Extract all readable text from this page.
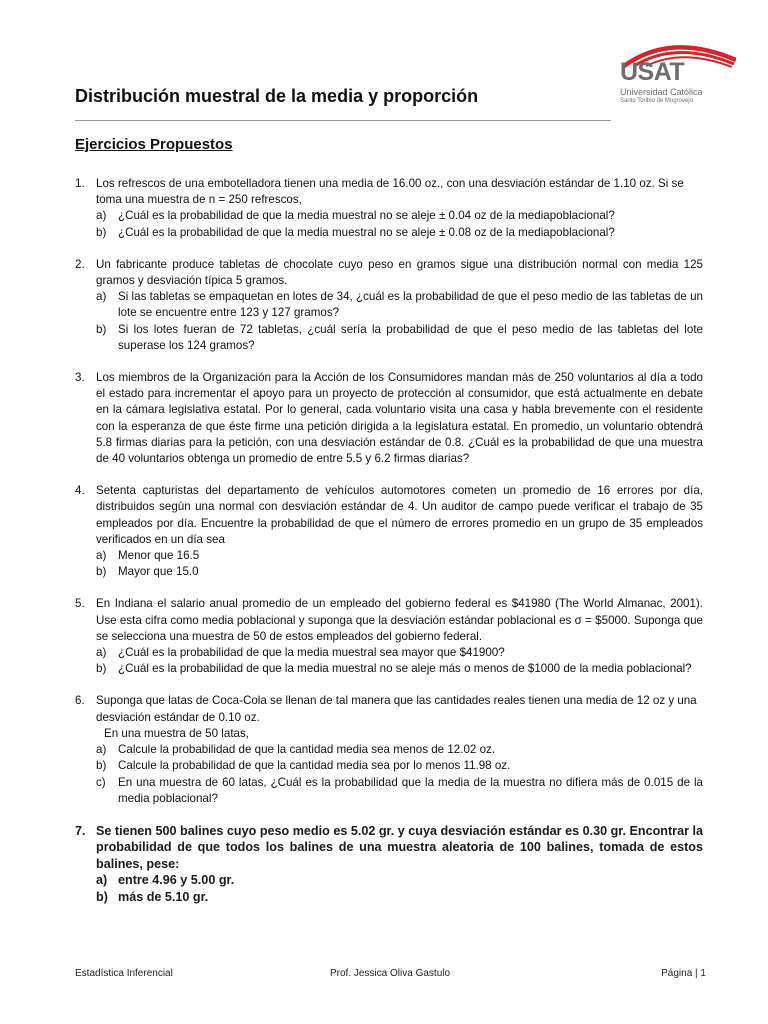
USAT
Universidad Católica
Santo Toribio de Mogrovejo
Distribución muestral de la media y proporción
Ejercicios Propuestos
1. Los refrescos de una embotelladora tienen una media de 16.00 oz., con una desviación estándar de 1.10 oz. Si se toma una muestra de n = 250 refrescos,
a) ¿Cuál es la probabilidad de que la media muestral no se aleje ± 0.04 oz de la mediapoblacional?
b) ¿Cuál es la probabilidad de que la media muestral no se aleje ± 0.08 oz de la mediapoblacional?
2. Un fabricante produce tabletas de chocolate cuyo peso en gramos sigue una distribución normal con media 125 gramos y desviación típica 5 gramos.
a) Si las tabletas se empaquetan en lotes de 34, ¿cuál es la probabilidad de que el peso medio de las tabletas de un lote se encuentre entre 123 y 127 gramos?
b) Si los lotes fueran de 72 tabletas, ¿cuál sería la probabilidad de que el peso medio de las tabletas del lote superase los 124 gramos?
3. Los miembros de la Organización para la Acción de los Consumidores mandan más de 250 voluntarios al día a todo el estado para incrementar el apoyo para un proyecto de protección al consumidor, que está actualmente en debate en la cámara legislativa estatal. Por lo general, cada voluntario visita una casa y habla brevemente con el residente con la esperanza de que éste firme una petición dirigida a la legislatura estatal. En promedio, un voluntario obtendrá 5.8 firmas diarias para la petición, con una desviación estándar de 0.8. ¿Cuál es la probabilidad de que una muestra de 40 voluntarios obtenga un promedio de entre 5.5 y 6.2 firmas diarias?
4. Setenta capturistas del departamento de vehículos automotores cometen un promedio de 16 errores por día, distribuidos según una normal con desviación estándar de 4. Un auditor de campo puede verificar el trabajo de 35 empleados por día. Encuentre la probabilidad de que el número de errores promedio en un grupo de 35 empleados verificados en un día sea
a) Menor que 16.5
b) Mayor que 15.0
5. En Indiana el salario anual promedio de un empleado del gobierno federal es $41980 (The World Almanac, 2001). Use esta cifra como media poblacional y suponga que la desviación estándar poblacional es σ = $5000. Suponga que se selecciona una muestra de 50 de estos empleados del gobierno federal.
a) ¿Cuál es la probabilidad de que la media muestral sea mayor que $41900?
b) ¿Cuál es la probabilidad de que la media muestral no se aleje más o menos de $1000 de la media poblacional?
6. Suponga que latas de Coca-Cola se llenan de tal manera que las cantidades reales tienen una media de 12 oz y una desviación estándar de 0.10 oz.
En una muestra de 50 latas,
a) Calcule la probabilidad de que la cantidad media sea menos de 12.02 oz.
b) Calcule la probabilidad de que la cantidad media sea por lo menos 11.98 oz.
c) En una muestra de 60 latas, ¿Cuál es la probabilidad que la media de la muestra no difiera más de 0.015 de la media poblacional?
7. Se tienen 500 balines cuyo peso medio es 5.02 gr. y cuya desviación estándar es 0.30 gr. Encontrar la probabilidad de que todos los balines de una muestra aleatoria de 100 balines, tomada de estos balines, pese:
a) entre 4.96 y 5.00 gr.
b) más de 5.10 gr.
Estadística Inferencial	Prof. Jessica Oliva Gastulo	Página | 1
